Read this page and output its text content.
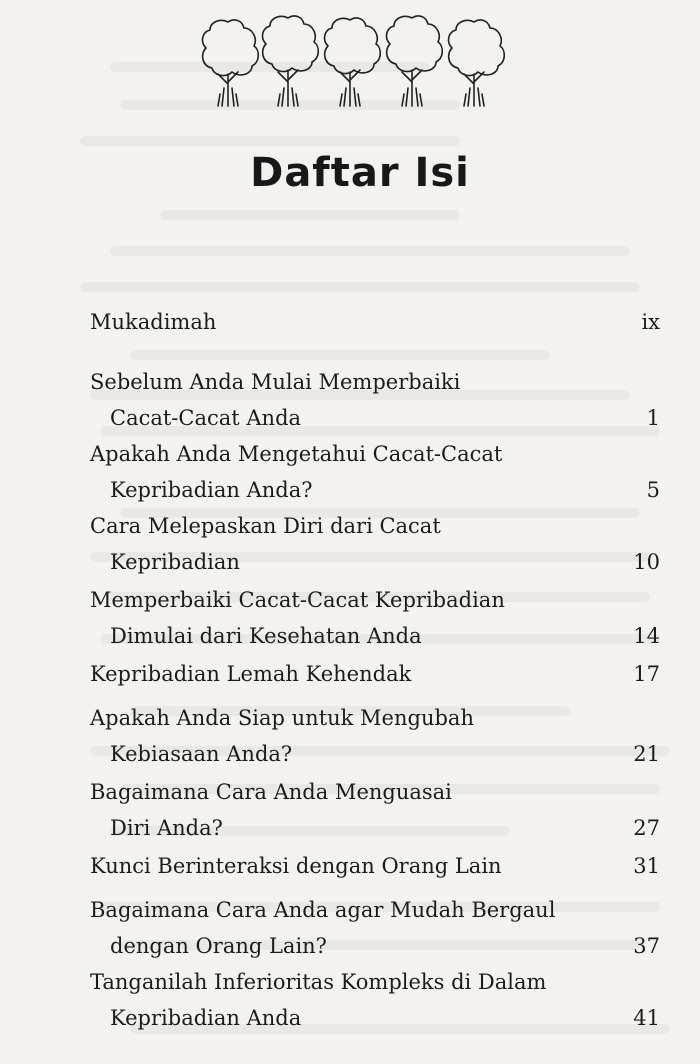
Daftar Isi
Mukadimah	ix
Sebelum Anda Mulai Memperbaiki
Cacat-Cacat Anda	1
Apakah Anda Mengetahui Cacat-Cacat
Kepribadian Anda?	5
Cara Melepaskan Diri dari Cacat
Kepribadian	10
Memperbaiki Cacat-Cacat Kepribadian
Dimulai dari Kesehatan Anda	14
Kepribadian Lemah Kehendak	17
Apakah Anda Siap untuk Mengubah
Kebiasaan Anda?	21
Bagaimana Cara Anda Menguasai
Diri Anda?	27
Kunci Berinteraksi dengan Orang Lain	31
Bagaimana Cara Anda agar Mudah Bergaul
dengan Orang Lain?	37
Tanganilah Inferioritas Kompleks di Dalam
Kepribadian Anda	41
